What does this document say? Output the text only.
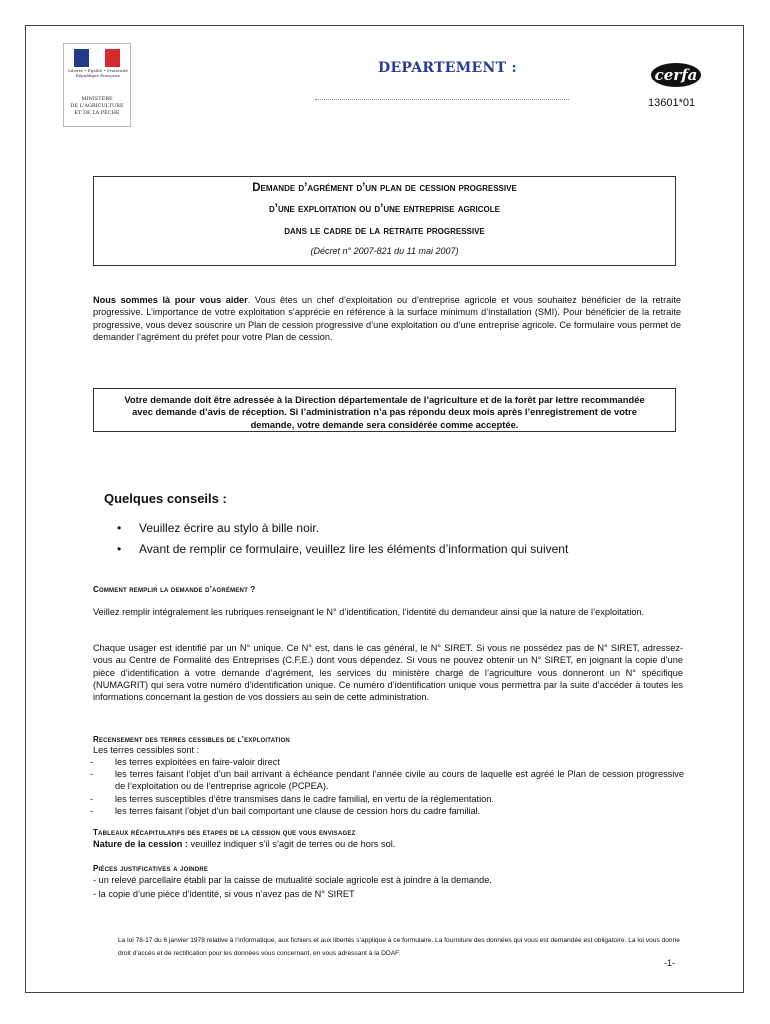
Liberté • Égalité • Fraternité
République Française
MINISTÈRE
DE L'AGRICULTURE
ET DE LA PÊCHE
DEPARTEMENT :	cerfa
13601*01
Demande d’agrément d’un plan de cession progressive
d’une exploitation ou d’une entreprise agricole
dans le cadre de la retraite progressive
(Décret n° 2007-821 du 11 mai 2007)
Nous sommes là pour vous aider. Vous êtes un chef d’exploitation ou d’entreprise agricole et vous souhaitez bénéficier de la retraite progressive. L’importance de votre exploitation s’apprécie en référence à la surface minimum d’installation (SMI). Pour bénéficier de la retraite progressive, vous devez souscrire un Plan de cession progressive d’une exploitation ou d’une entreprise agricole. Ce formulaire vous permet de demander l’agrément du préfet pour votre Plan de cession.
Votre demande doit être adressée à la Direction départementale de l’agriculture et de la forêt par lettre recommandée avec demande d’avis de réception. Si l’administration n’a pas répondu deux mois après l’enregistrement de votre demande, votre demande sera considérée comme acceptée.
Quelques conseils :
•	Veuillez écrire au stylo à bille noir.
•	Avant de remplir ce formulaire, veuillez lire les éléments d’information qui suivent
Comment remplir la demande d’agrément ?
Veillez remplir intégralement les rubriques renseignant le N° d’identification, l’identité du demandeur ainsi que la nature de l’exploitation.
Chaque usager est identifié par un N° unique. Ce N° est, dans le cas général, le N° SIRET. Si vous ne possédez pas de N° SIRET, adressez-vous au Centre de Formalité des Entreprises (C.F.E.) dont vous dépendez. Si vous ne pouvez obtenir un N° SIRET, en joignant la copie d’une pièce d’identification à votre demande d’agrément, les services du ministère chargé de l’agriculture vous donneront un N° spécifique (NUMAGRIT) qui sera votre numéro d’identification unique. Ce numéro d’identification unique vous permettra par la suite d’accéder à toutes les informations concernant la gestion de vos dossiers au sein de cette administration.
Recensement des terres cessibles de l’exploitation
Les terres cessibles sont :
-	les terres exploitées en faire-valoir direct
-	les terres faisant l’objet d’un bail arrivant à échéance pendant l’année civile au cours de laquelle est agréé le Plan de cession progressive de l’exploitation ou de l’entreprise agricole (PCPEA).
-	les terres susceptibles d’être transmises dans le cadre familial, en vertu de la réglementation.
-	les terres faisant l’objet d’un bail comportant une clause de cession hors du cadre familial.
Tableaux récapitulatifs des etapes de la cession que vous envisagez
Nature de la cession : veuillez indiquer s’il s’agit de terres ou de hors sol.
Pièces justificatives a joindre
- un relevé parcellaire établi par la caisse de mutualité sociale agricole est à joindre à la demande.
- la copie d’une pièce d’identité, si vous n’avez pas de N° SIRET
La loi 78-17 du 6 janvier 1978 relative à l’informatique, aux fichiers et aux libertés s’applique à ce formulaire. La fourniture des données qui vous est demandée est obligatoire. La loi vous donne droit d’accès et de rectification pour les données vous concernant, en vous adressant à la DDAF.
-1-
